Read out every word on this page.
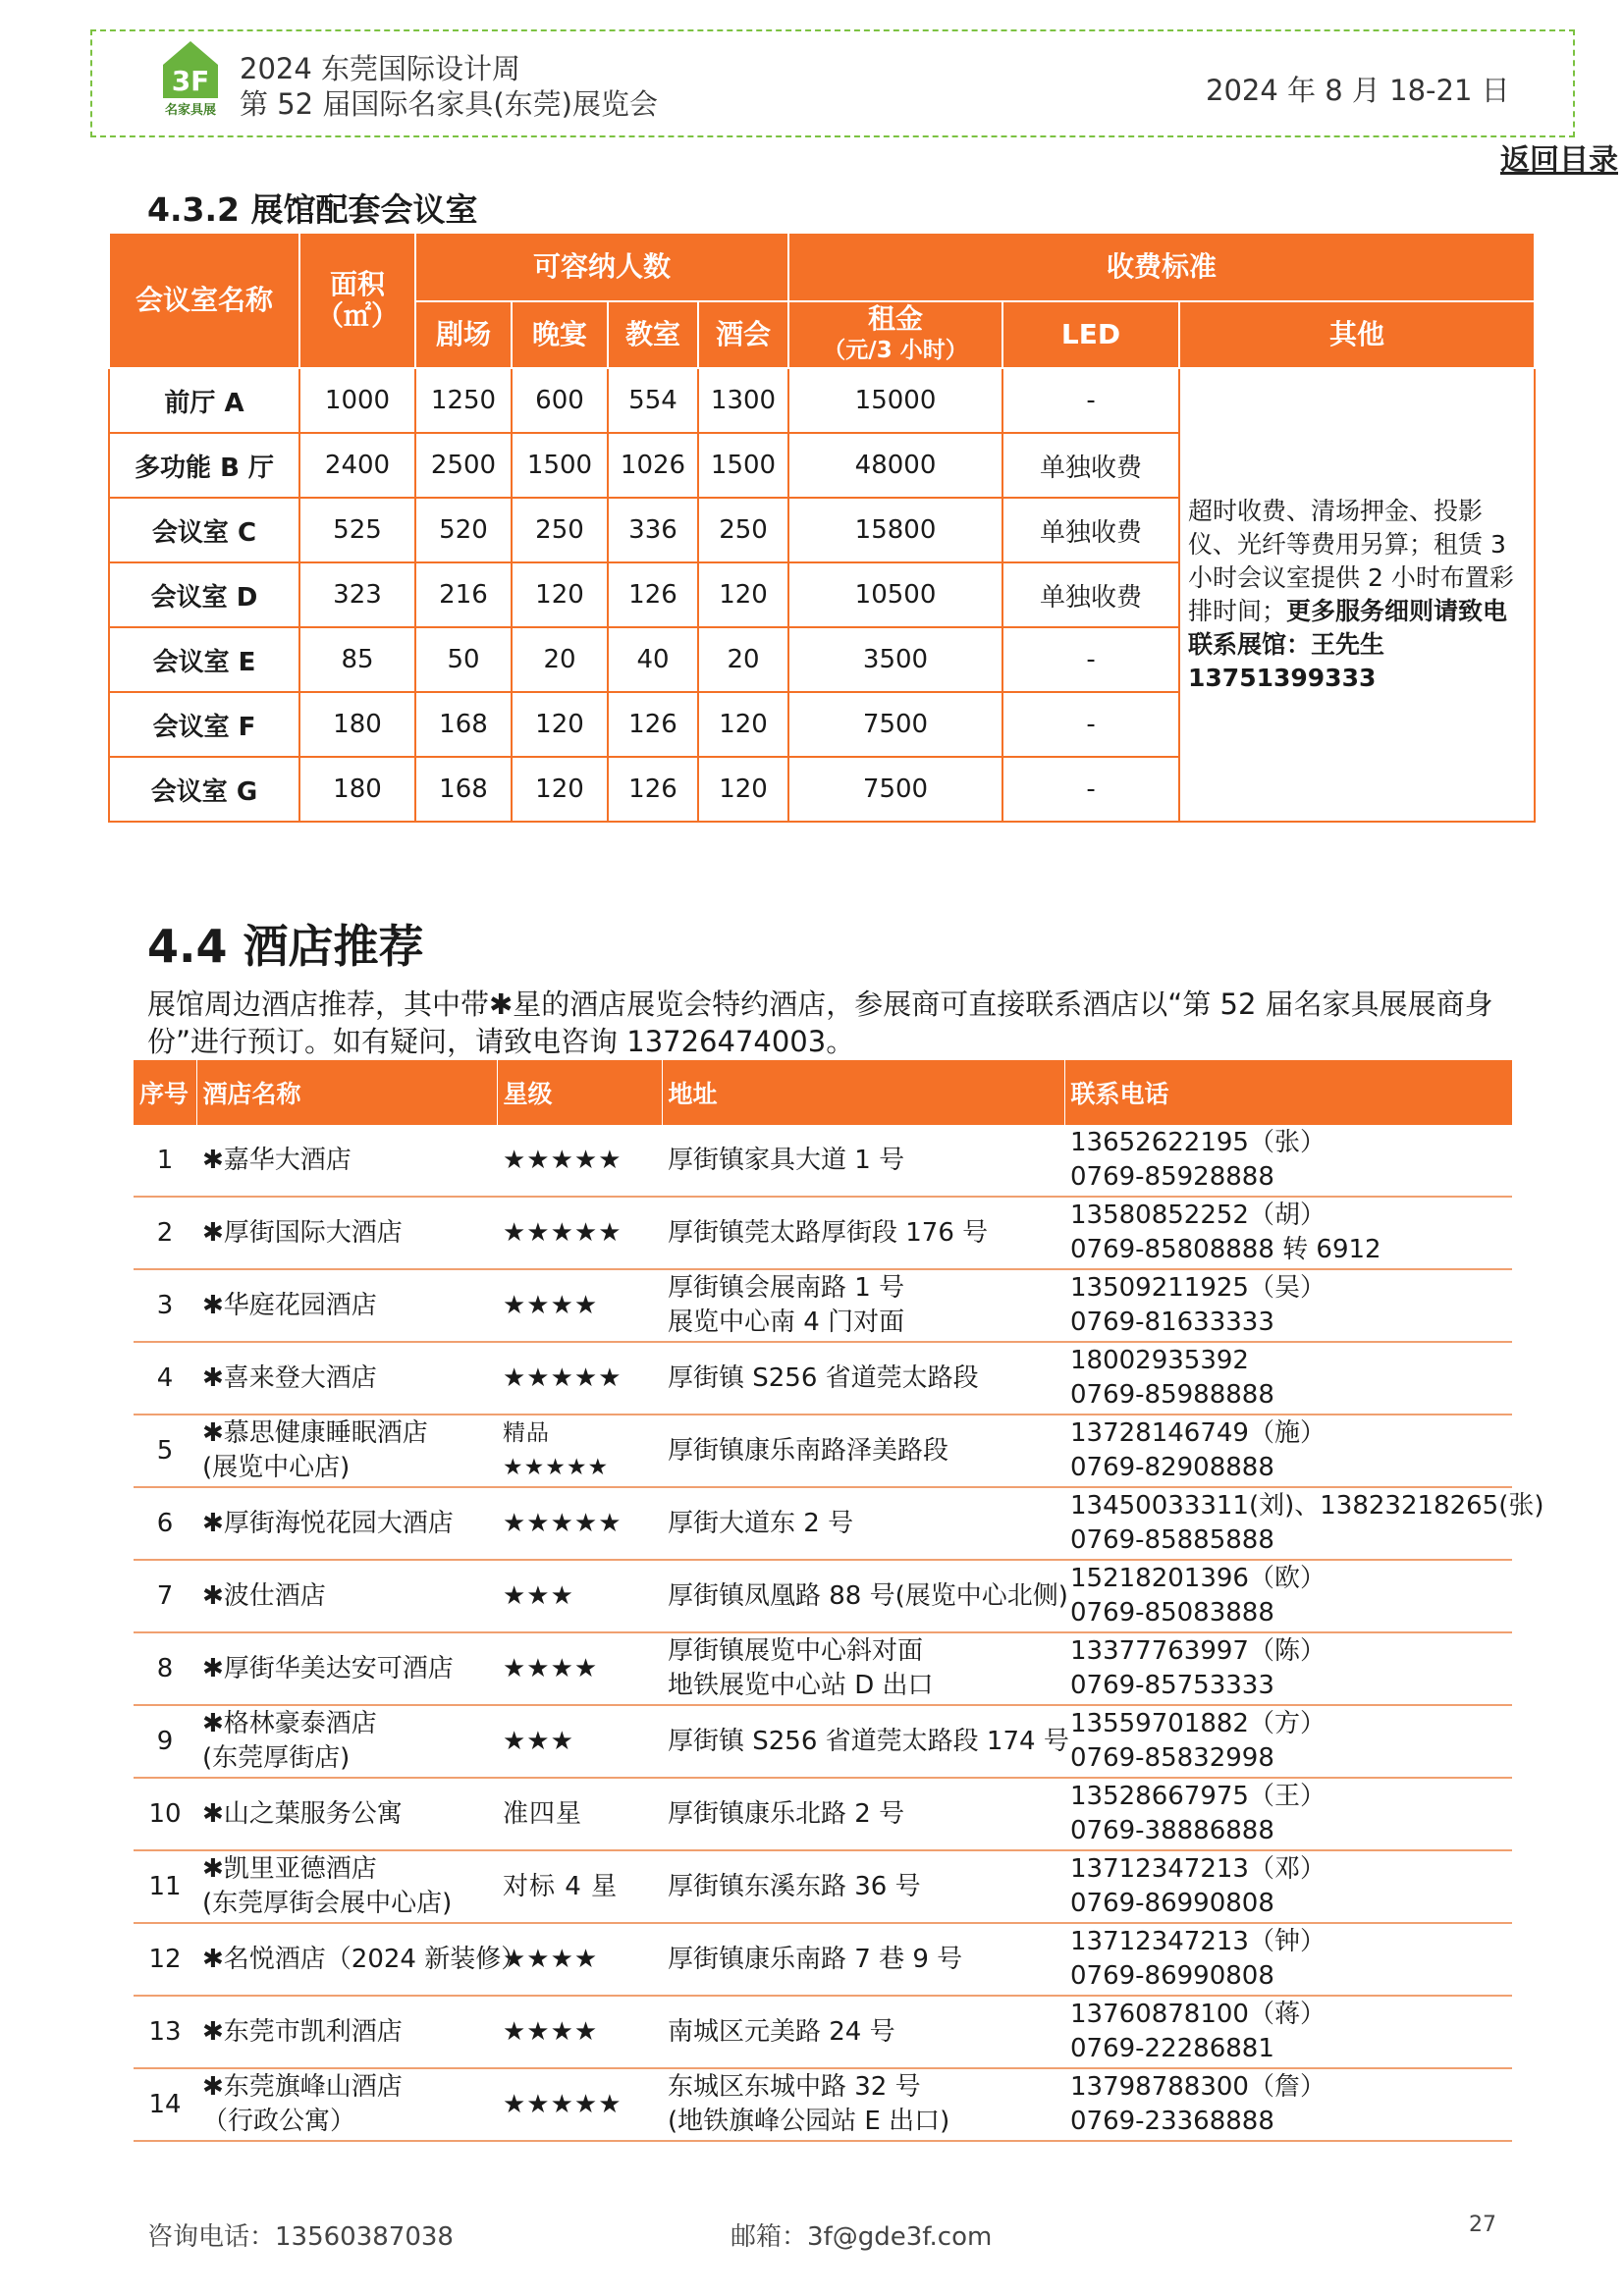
3F
名家具展
2024 东莞国际设计周
第 52 届国际名家具(东莞)展览会	2024 年 8 月 18-21 日
返回目录
4.3.2 展馆配套会议室
会议室名称	面积
（㎡）	可容纳人数				收费标准		
		剧场	晚宴	教室	酒会	租金
（元/3 小时）	LED	其他
前厅 A	1000	1250	600	554	1300	15000	-	超时收费、清场押金、投影仪、光纤等费用另算；租赁 3 小时会议室提供 2 小时布置彩排时间；更多服务细则请致电联系展馆：王先生 13751399333
多功能 B 厅	2400	2500	1500	1026	1500	48000	单独收费	
会议室 C	525	520	250	336	250	15800	单独收费	
会议室 D	323	216	120	126	120	10500	单独收费	
会议室 E	85	50	20	40	20	3500	-	
会议室 F	180	168	120	126	120	7500	-	
会议室 G	180	168	120	126	120	7500	-	
4.4 酒店推荐
展馆周边酒店推荐，其中带✱星的酒店展览会特约酒店，参展商可直接联系酒店以“第 52 届名家具展展商身份”进行预订。如有疑问，请致电咨询 13726474003。
序号	酒店名称	星级	地址	联系电话
1	✱嘉华大酒店	★★★★★	厚街镇家具大道 1 号	13652622195（张）
0769-85928888

2	✱厚街国际大酒店	★★★★★	厚街镇莞太路厚街段 176 号	13580852252（胡）
0769-85808888 转 6912

3	✱华庭花园酒店	★★★★	厚街镇会展南路 1 号
展览中心南 4 门对面	13509211925（吴）
0769-81633333

4	✱喜来登大酒店	★★★★★	厚街镇 S256 省道莞太路段	18002935392
0769-85988888

5	✱慕思健康睡眠酒店
(展览中心店)	精品★★★★★	厚街镇康乐南路泽美路段	13728146749（施）
0769-82908888

6	✱厚街海悦花园大酒店	★★★★★	厚街大道东 2 号	13450033311(刘)、13823218265(张)
0769-85885888

7	✱波仕酒店	★★★	厚街镇凤凰路 88 号(展览中心北侧)	15218201396（欧）
0769-85083888

8	✱厚街华美达安可酒店	★★★★	厚街镇展览中心斜对面
地铁展览中心站 D 出口	13377763997（陈）
0769-85753333

9	✱格林豪泰酒店
(东莞厚街店)	★★★	厚街镇 S256 省道莞太路段 174 号	13559701882（方）
0769-85832998

10	✱山之葉服务公寓	准四星	厚街镇康乐北路 2 号	13528667975（王）
0769-38886888

11	✱凯里亚德酒店
(东莞厚街会展中心店)	对标 4 星	厚街镇东溪东路 36 号	13712347213（邓）
0769-86990808

12	✱名悦酒店（2024 新装修）	★★★★	厚街镇康乐南路 7 巷 9 号	13712347213（钟）
0769-86990808

13	✱东莞市凯利酒店	★★★★	南城区元美路 24 号	13760878100（蒋）
0769-22286881

14	✱东莞旗峰山酒店
（行政公寓）	★★★★★	东城区东城中路 32 号
(地铁旗峰公园站 E 出口)	13798788300（詹）
0769-23368888
咨询电话：13560387038	邮箱：3f@gde3f.com	27
